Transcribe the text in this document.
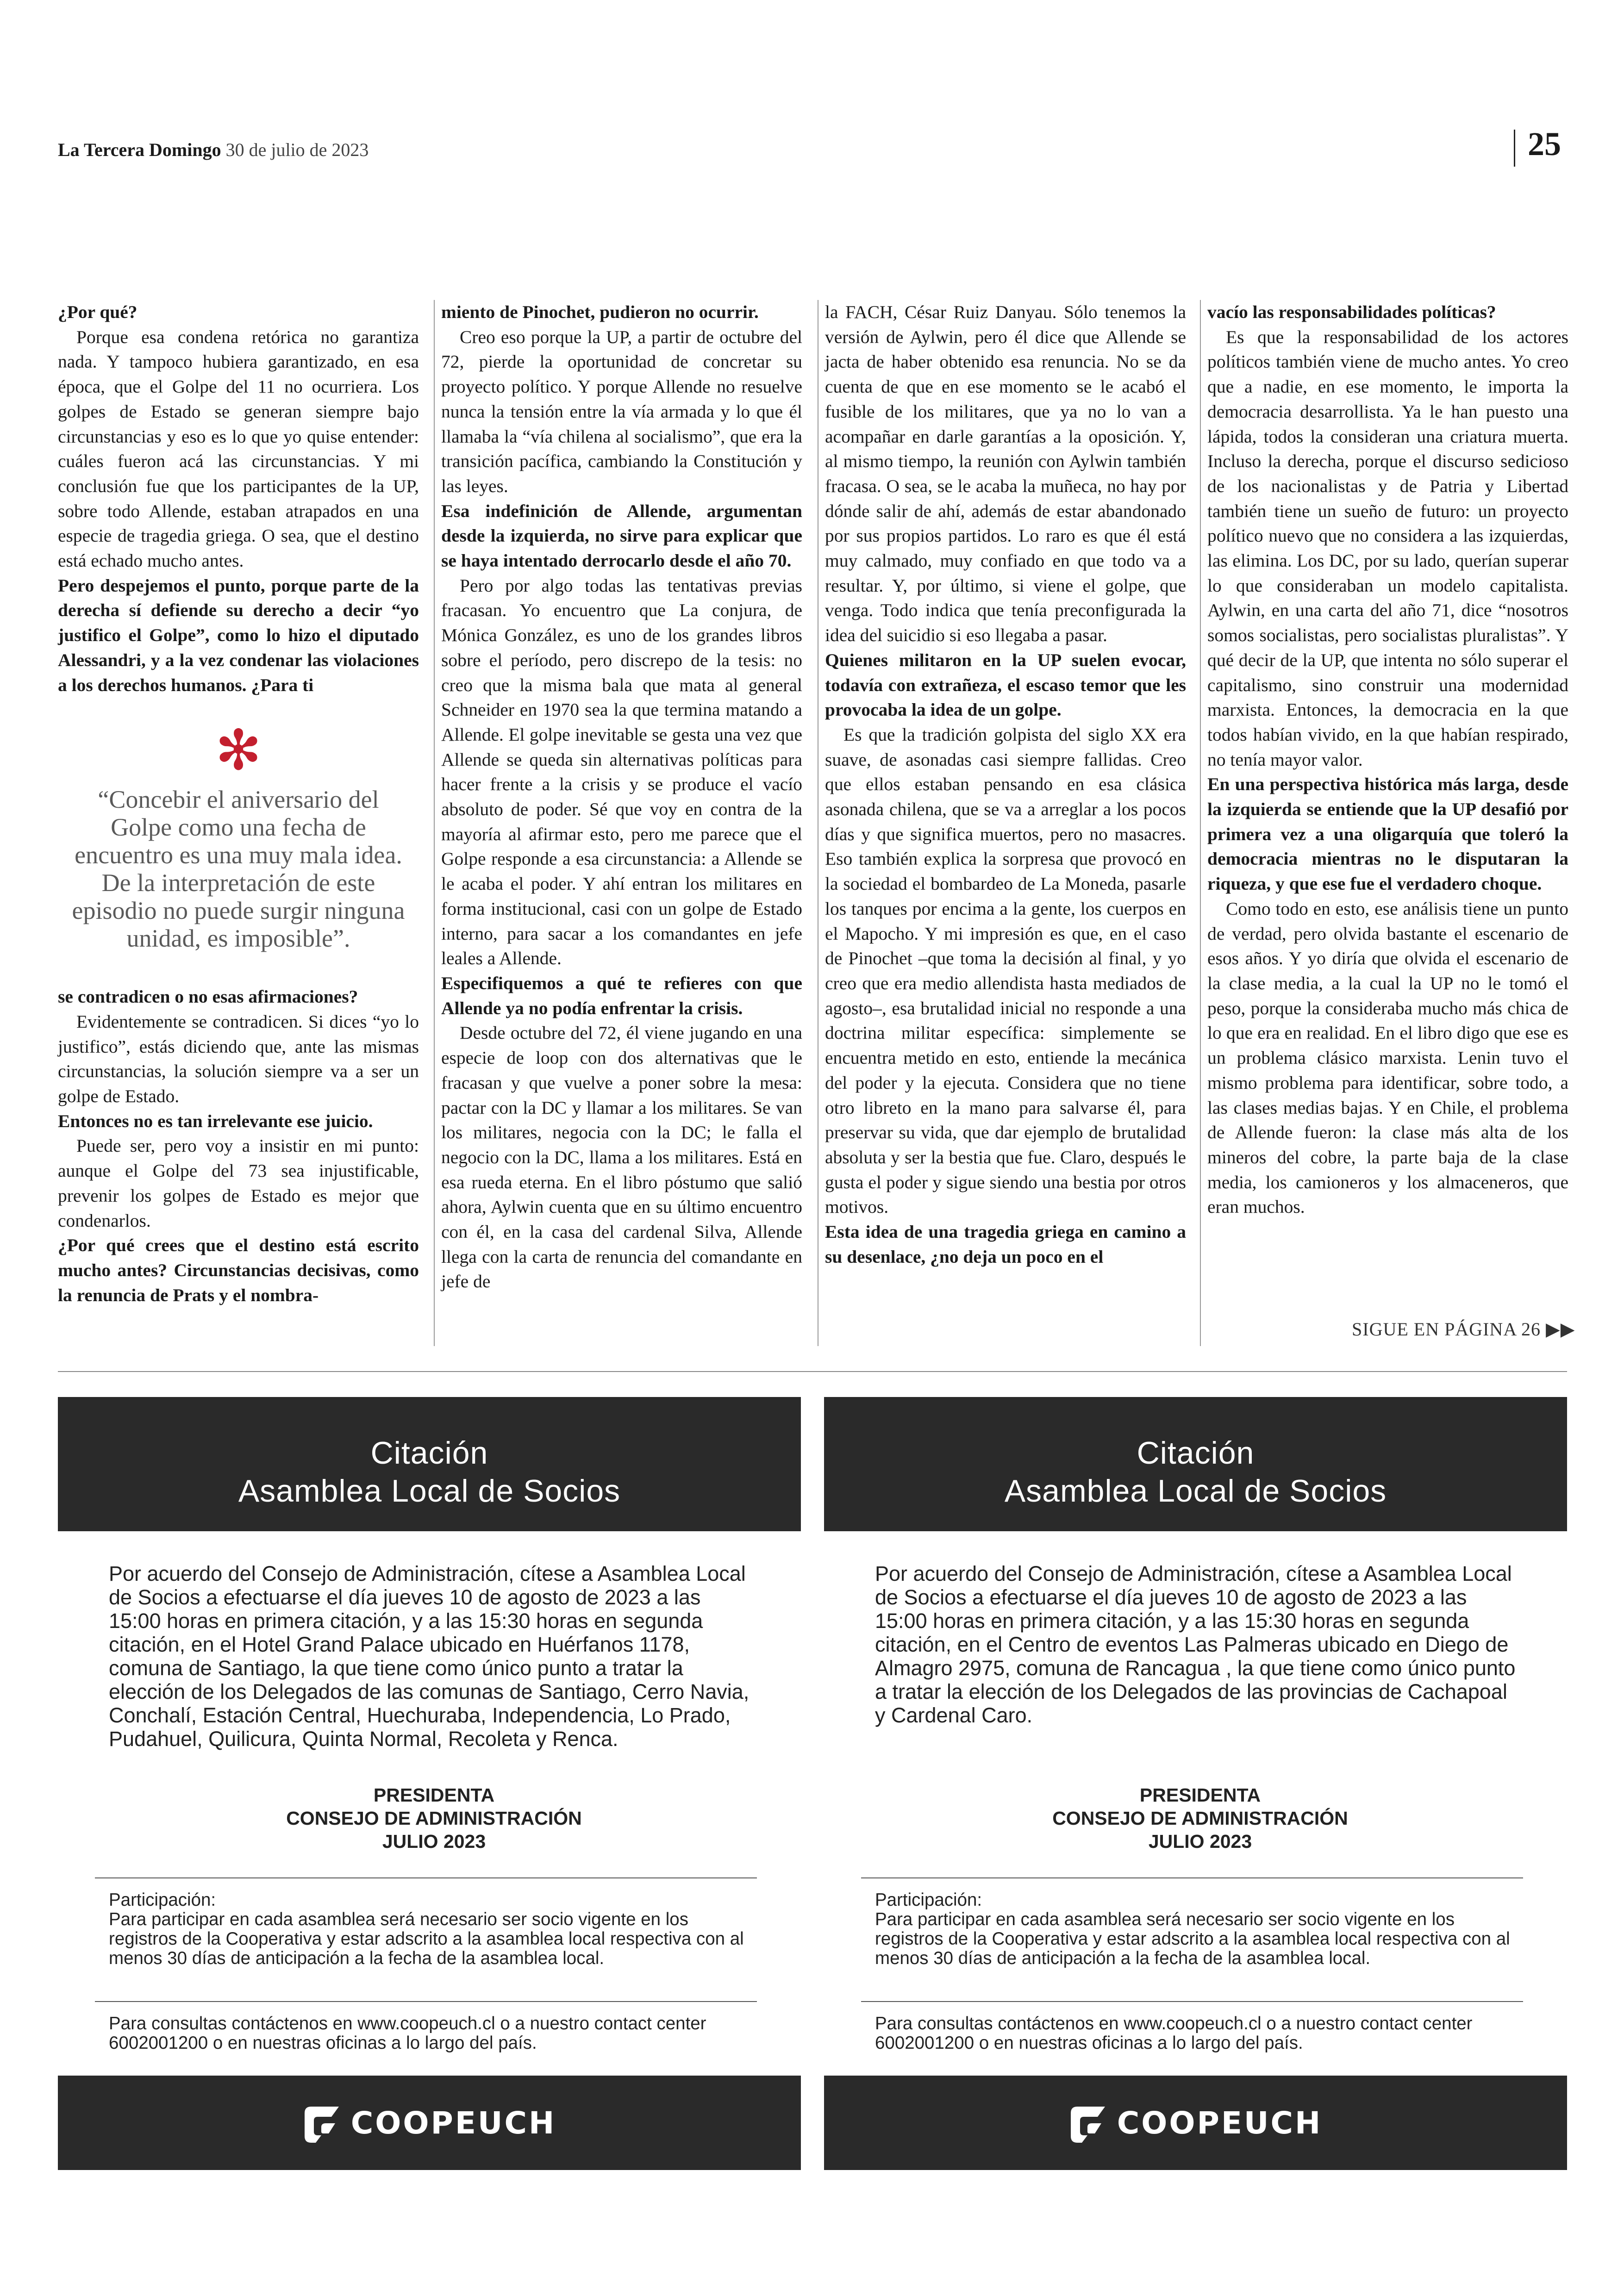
La Tercera Domingo 30 de julio de 2023	25

¿Por qué?

Porque esa condena retórica no garantiza nada. Y tampoco hubiera garantizado, en esa época, que el Golpe del 11 no ocurriera. Los golpes de Estado se generan siempre bajo circunstancias y eso es lo que yo quise entender: cuáles fueron acá las circunstancias. Y mi conclusión fue que los participantes de la UP, sobre todo Allende, estaban atrapados en una especie de tragedia griega. O sea, que el destino está echado mucho antes.

Pero despejemos el punto, porque parte de la derecha sí defiende su derecho a decir “yo justifico el Golpe”, como lo hizo el diputado Alessandri, y a la vez condenar las violaciones a los derechos humanos. ¿Para ti

✻
“Concebir el aniversario del Golpe como una fecha de encuentro es una muy mala idea. De la interpretación de este episodio no puede surgir ninguna unidad, es imposible”.

se contradicen o no esas afirmaciones?

Evidentemente se contradicen. Si dices “yo lo justifico”, estás diciendo que, ante las mismas circunstancias, la solución siempre va a ser un golpe de Estado.

Entonces no es tan irrelevante ese juicio.

Puede ser, pero voy a insistir en mi punto: aunque el Golpe del 73 sea injustificable, prevenir los golpes de Estado es mejor que condenarlos.

¿Por qué crees que el destino está escrito mucho antes? Circunstancias decisivas, como la renuncia de Prats y el nombra-

miento de Pinochet, pudieron no ocurrir.

Creo eso porque la UP, a partir de octubre del 72, pierde la oportunidad de concretar su proyecto político. Y porque Allende no resuelve nunca la tensión entre la vía armada y lo que él llamaba la “vía chilena al socialismo”, que era la transición pacífica, cambiando la Constitución y las leyes.

Esa indefinición de Allende, argumentan desde la izquierda, no sirve para explicar que se haya intentado derrocarlo desde el año 70.

Pero por algo todas las tentativas previas fracasan. Yo encuentro que La conjura, de Mónica González, es uno de los grandes libros sobre el período, pero discrepo de la tesis: no creo que la misma bala que mata al general Schneider en 1970 sea la que termina matando a Allende. El golpe inevitable se gesta una vez que Allende se queda sin alternativas políticas para hacer frente a la crisis y se produce el vacío absoluto de poder. Sé que voy en contra de la mayoría al afirmar esto, pero me parece que el Golpe responde a esa circunstancia: a Allende se le acaba el poder. Y ahí entran los militares en forma institucional, casi con un golpe de Estado interno, para sacar a los comandantes en jefe leales a Allende.

Especifiquemos a qué te refieres con que Allende ya no podía enfrentar la crisis.

Desde octubre del 72, él viene jugando en una especie de loop con dos alternativas que le fracasan y que vuelve a poner sobre la mesa: pactar con la DC y llamar a los militares. Se van los militares, negocia con la DC; le falla el negocio con la DC, llama a los militares. Está en esa rueda eterna. En el libro póstumo que salió ahora, Aylwin cuenta que en su último encuentro con él, en la casa del cardenal Silva, Allende llega con la carta de renuncia del comandante en jefe de

la FACH, César Ruiz Danyau. Sólo tenemos la versión de Aylwin, pero él dice que Allende se jacta de haber obtenido esa renuncia. No se da cuenta de que en ese momento se le acabó el fusible de los militares, que ya no lo van a acompañar en darle garantías a la oposición. Y, al mismo tiempo, la reunión con Aylwin también fracasa. O sea, se le acaba la muñeca, no hay por dónde salir de ahí, además de estar abandonado por sus propios partidos. Lo raro es que él está muy calmado, muy confiado en que todo va a resultar. Y, por último, si viene el golpe, que venga. Todo indica que tenía preconfigurada la idea del suicidio si eso llegaba a pasar.

Quienes militaron en la UP suelen evocar, todavía con extrañeza, el escaso temor que les provocaba la idea de un golpe.

Es que la tradición golpista del siglo XX era suave, de asonadas casi siempre fallidas. Creo que ellos estaban pensando en esa clásica asonada chilena, que se va a arreglar a los pocos días y que significa muertos, pero no masacres. Eso también explica la sorpresa que provocó en la sociedad el bombardeo de La Moneda, pasarle los tanques por encima a la gente, los cuerpos en el Mapocho. Y mi impresión es que, en el caso de Pinochet –que toma la decisión al final, y yo creo que era medio allendista hasta mediados de agosto–, esa brutalidad inicial no responde a una doctrina militar específica: simplemente se encuentra metido en esto, entiende la mecánica del poder y la ejecuta. Considera que no tiene otro libreto en la mano para salvarse él, para preservar su vida, que dar ejemplo de brutalidad absoluta y ser la bestia que fue. Claro, después le gusta el poder y sigue siendo una bestia por otros motivos.

Esta idea de una tragedia griega en camino a su desenlace, ¿no deja un poco en el

vacío las responsabilidades políticas?

Es que la responsabilidad de los actores políticos también viene de mucho antes. Yo creo que a nadie, en ese momento, le importa la democracia desarrollista. Ya le han puesto una lápida, todos la consideran una criatura muerta. Incluso la derecha, porque el discurso sedicioso de los nacionalistas y de Patria y Libertad también tiene un sueño de futuro: un proyecto político nuevo que no considera a las izquierdas, las elimina. Los DC, por su lado, querían superar lo que consideraban un modelo capitalista. Aylwin, en una carta del año 71, dice “nosotros somos socialistas, pero socialistas pluralistas”. Y qué decir de la UP, que intenta no sólo superar el capitalismo, sino construir una modernidad marxista. Entonces, la democracia en la que todos habían vivido, en la que habían respirado, no tenía mayor valor.

En una perspectiva histórica más larga, desde la izquierda se entiende que la UP desafió por primera vez a una oligarquía que toleró la democracia mientras no le disputaran la riqueza, y que ese fue el verdadero choque.

Como todo en esto, ese análisis tiene un punto de verdad, pero olvida bastante el escenario de esos años. Y yo diría que olvida el escenario de la clase media, a la cual la UP no le tomó el peso, porque la consideraba mucho más chica de lo que era en realidad. En el libro digo que ese es un problema clásico marxista. Lenin tuvo el mismo problema para identificar, sobre todo, a las clases medias bajas. Y en Chile, el problema de Allende fueron: la clase más alta de los mineros del cobre, la parte baja de la clase media, los camioneros y los almaceneros, que eran muchos.

SIGUE EN PÁGINA 26 ▶▶
Citación
Asamblea Local de Socios
Por acuerdo del Consejo de Administración, cítese a Asamblea Local de Socios a efectuarse el día jueves 10 de agosto de 2023 a las 15:00 horas en primera citación, y a las 15:30 horas en segunda citación, en el Hotel Grand Palace ubicado en Huérfanos 1178, comuna de Santiago, la que tiene como único punto a tratar la elección de los Delegados de las comunas de Santiago, Cerro Navia, Conchalí, Estación Central, Huechuraba, Independencia, Lo Prado, Pudahuel, Quilicura, Quinta Normal, Recoleta y Renca.
PRESIDENTA
CONSEJO DE ADMINISTRACIÓN
JULIO 2023
Participación:
Para participar en cada asamblea será necesario ser socio vigente en los registros de la Cooperativa y estar adscrito a la asamblea local respectiva con al menos 30 días de anticipación a la fecha de la asamblea local.
Para consultas contáctenos en www.coopeuch.cl o a nuestro contact center 6002001200 o en nuestras oficinas a lo largo del país.
COOPEUCH
Citación
Asamblea Local de Socios
Por acuerdo del Consejo de Administración, cítese a Asamblea Local de Socios a efectuarse el día jueves 10 de agosto de 2023 a las 15:00 horas en primera citación, y a las 15:30 horas en segunda citación, en el Centro de eventos Las Palmeras ubicado en Diego de Almagro 2975, comuna de Rancagua , la que tiene como único punto a tratar la elección de los Delegados de las provincias de Cachapoal y Cardenal Caro.
PRESIDENTA
CONSEJO DE ADMINISTRACIÓN
JULIO 2023
Participación:
Para participar en cada asamblea será necesario ser socio vigente en los registros de la Cooperativa y estar adscrito a la asamblea local respectiva con al menos 30 días de anticipación a la fecha de la asamblea local.
Para consultas contáctenos en www.coopeuch.cl o a nuestro contact center 6002001200 o en nuestras oficinas a lo largo del país.
COOPEUCH
